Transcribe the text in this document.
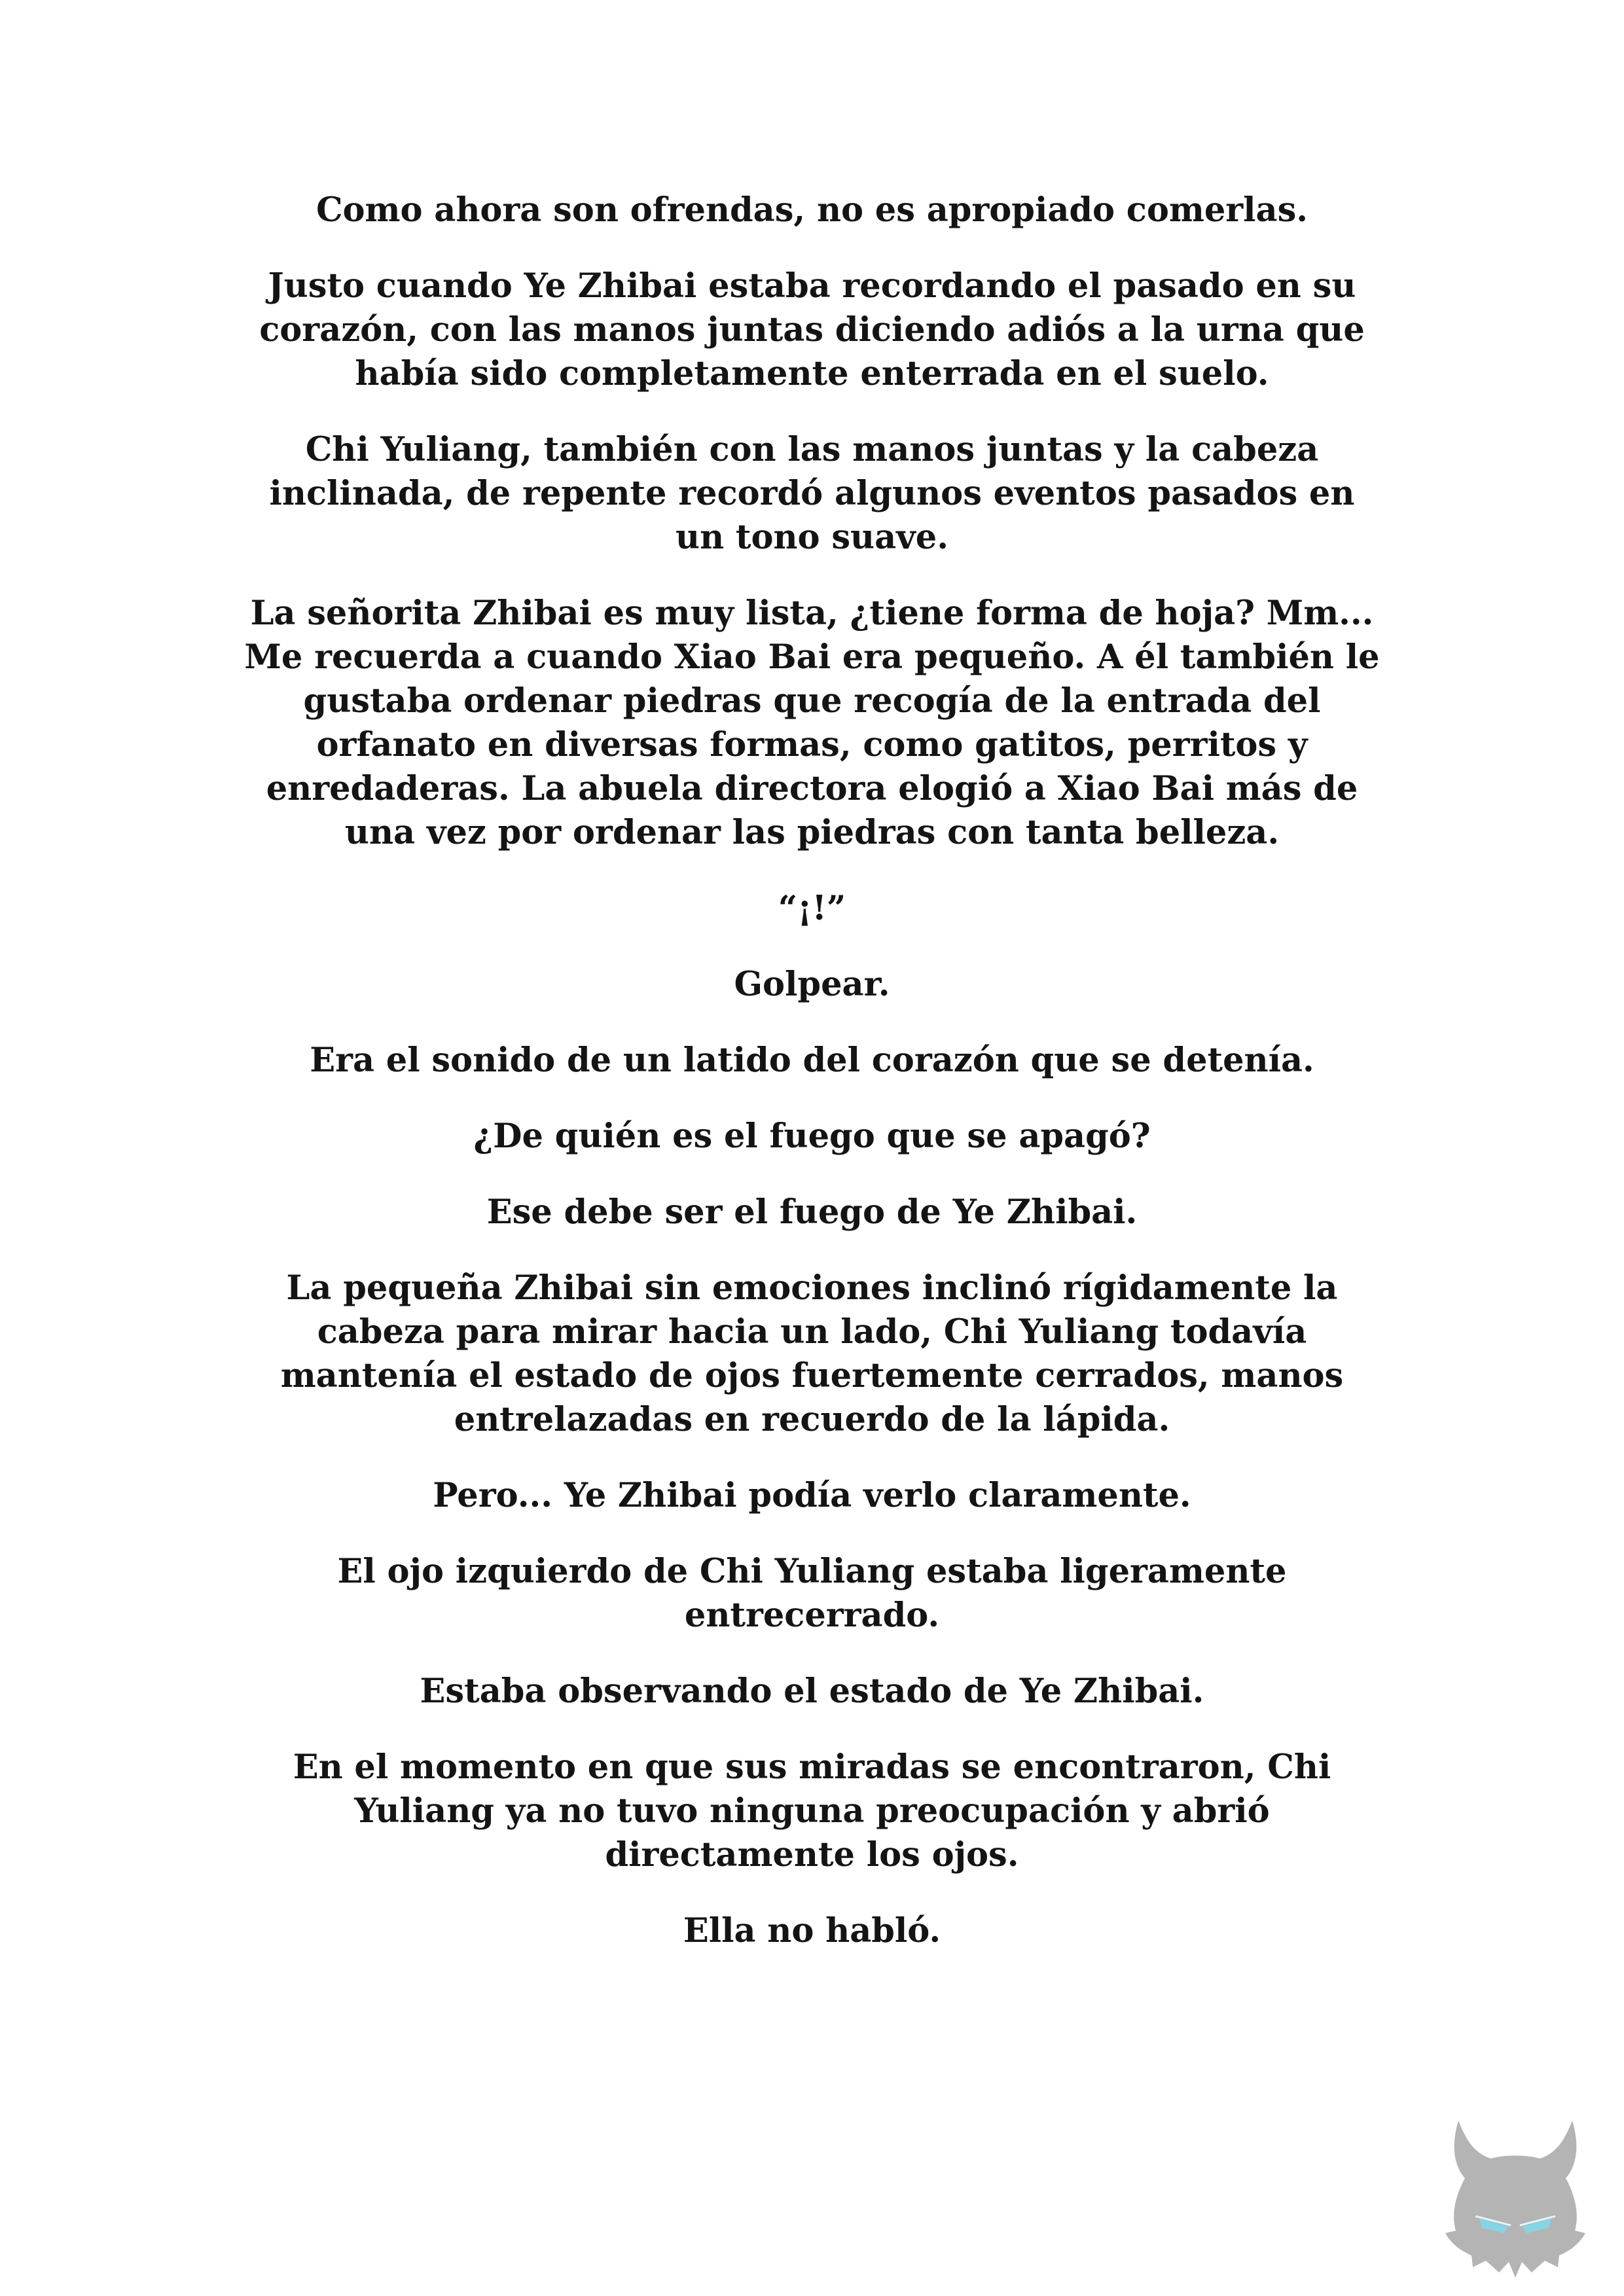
Como ahora son ofrendas, no es apropiado comerlas.

Justo cuando Ye Zhibai estaba recordando el pasado en su
corazón, con las manos juntas diciendo adiós a la urna que
había sido completamente enterrada en el suelo.

Chi Yuliang, también con las manos juntas y la cabeza
inclinada, de repente recordó algunos eventos pasados en
un tono suave.

La señorita Zhibai es muy lista, ¿tiene forma de hoja? Mm...
Me recuerda a cuando Xiao Bai era pequeño. A él también le
gustaba ordenar piedras que recogía de la entrada del
orfanato en diversas formas, como gatitos, perritos y
enredaderas. La abuela directora elogió a Xiao Bai más de
una vez por ordenar las piedras con tanta belleza.

“¡!”

Golpear.

Era el sonido de un latido del corazón que se detenía.

¿De quién es el fuego que se apagó?

Ese debe ser el fuego de Ye Zhibai.

La pequeña Zhibai sin emociones inclinó rígidamente la
cabeza para mirar hacia un lado, Chi Yuliang todavía
mantenía el estado de ojos fuertemente cerrados, manos
entrelazadas en recuerdo de la lápida.

Pero... Ye Zhibai podía verlo claramente.

El ojo izquierdo de Chi Yuliang estaba ligeramente
entrecerrado.

Estaba observando el estado de Ye Zhibai.

En el momento en que sus miradas se encontraron, Chi
Yuliang ya no tuvo ninguna preocupación y abrió
directamente los ojos.

Ella no habló.
